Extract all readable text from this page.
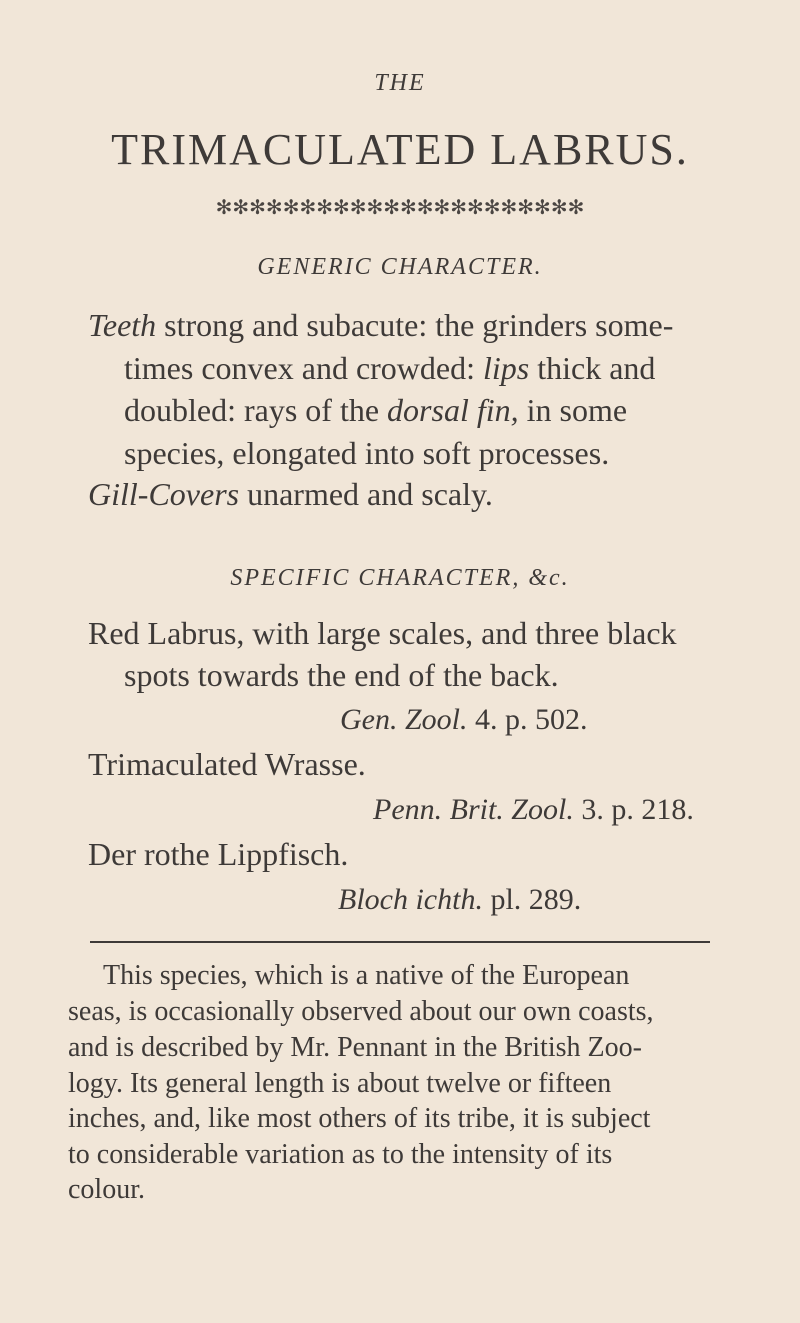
THE
TRIMACULATED LABRUS.
✻✻✻✻✻✻✻✻✻✻✻✻✻✻✻✻✻✻✻✻✻✻
GENERIC CHARACTER.
Teeth strong and subacute: the grinders some-
times convex and crowded: lips thick and
doubled: rays of the dorsal fin, in some
species, elongated into soft processes.
Gill-Covers unarmed and scaly.
SPECIFIC CHARACTER, &c.
Red Labrus, with large scales, and three black
spots towards the end of the back.
Gen. Zool. 4. p. 502.
Trimaculated Wrasse.
Penn. Brit. Zool. 3. p. 218.
Der rothe Lippfisch.
Bloch ichth. pl. 289.
This species, which is a native of the European
seas, is occasionally observed about our own coasts,
and is described by Mr. Pennant in the British Zoo-
logy. Its general length is about twelve or fifteen
inches, and, like most others of its tribe, it is subject
to considerable variation as to the intensity of its
colour.
